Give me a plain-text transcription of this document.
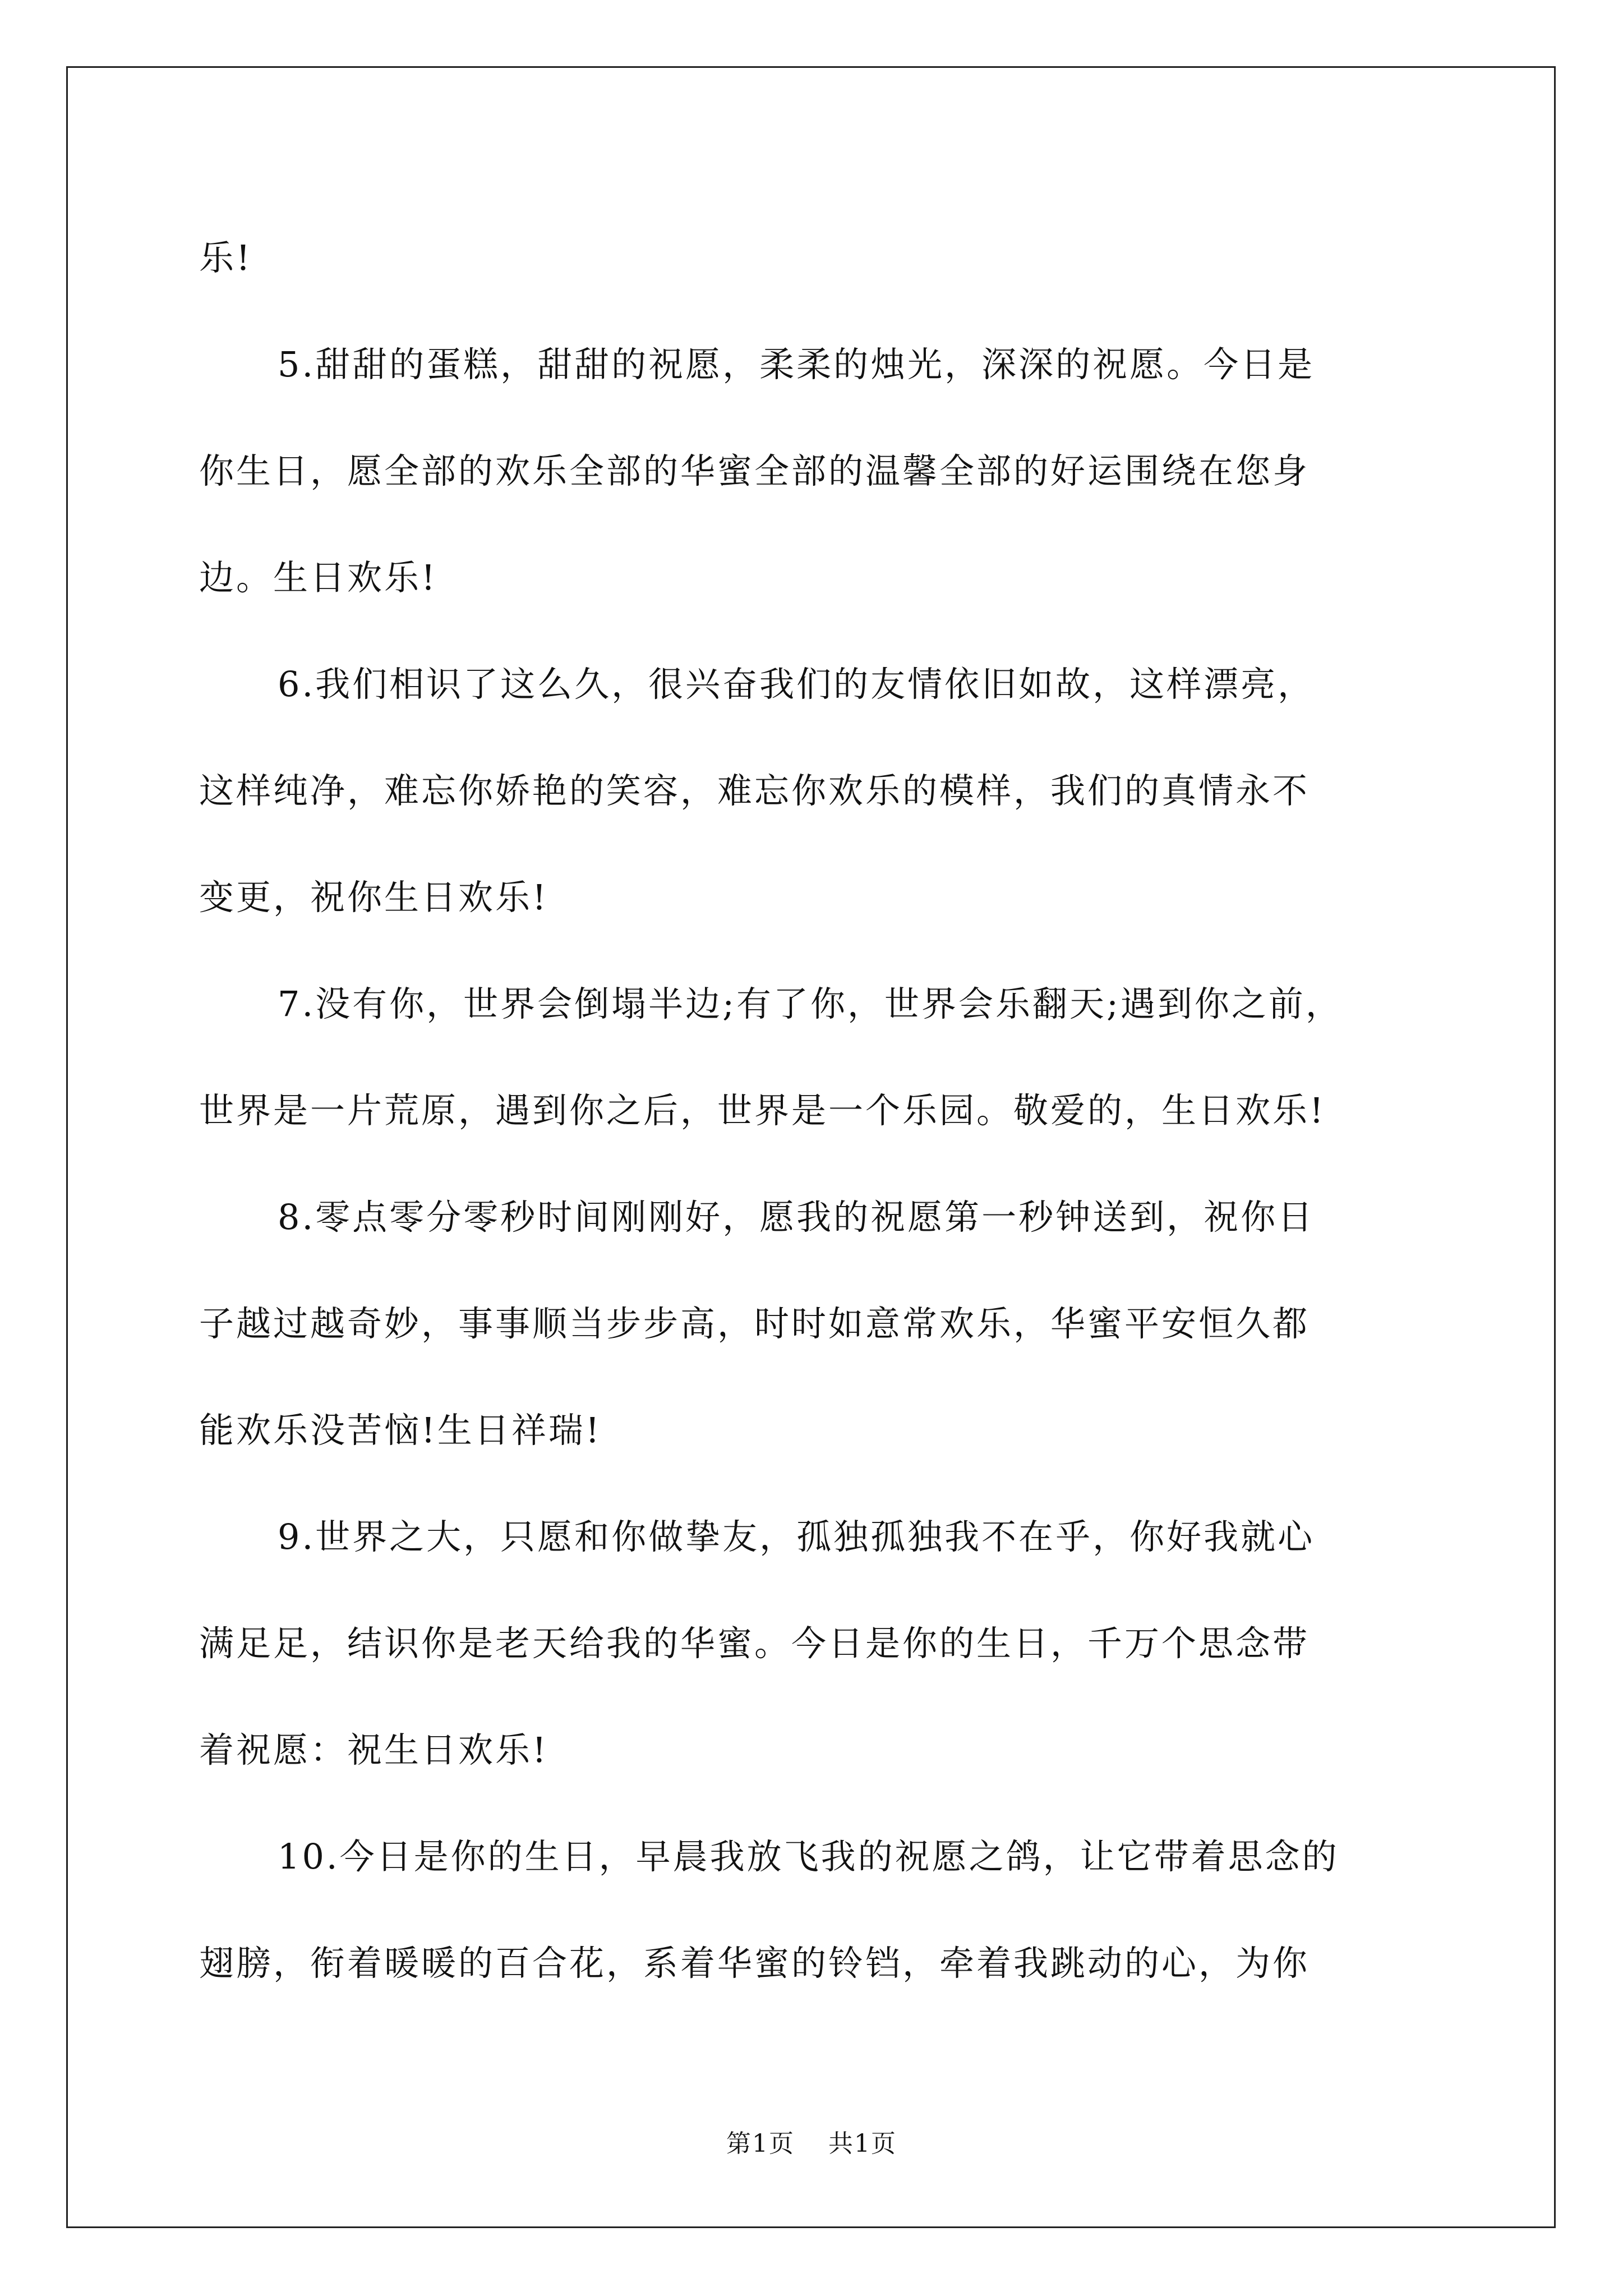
乐!
5.甜甜的蛋糕，甜甜的祝愿，柔柔的烛光，深深的祝愿。今日是
你生日，愿全部的欢乐全部的华蜜全部的温馨全部的好运围绕在您身
边。生日欢乐!
6.我们相识了这么久，很兴奋我们的友情依旧如故，这样漂亮，
这样纯净，难忘你娇艳的笑容，难忘你欢乐的模样，我们的真情永不
变更，祝你生日欢乐!
7.没有你，世界会倒塌半边;有了你，世界会乐翻天;遇到你之前，
世界是一片荒原，遇到你之后，世界是一个乐园。敬爱的，生日欢乐!
8.零点零分零秒时间刚刚好，愿我的祝愿第一秒钟送到，祝你日
子越过越奇妙，事事顺当步步高，时时如意常欢乐，华蜜平安恒久都
能欢乐没苦恼!生日祥瑞!
9.世界之大，只愿和你做挚友，孤独孤独我不在乎，你好我就心
满足足，结识你是老天给我的华蜜。今日是你的生日，千万个思念带
着祝愿：祝生日欢乐!
10.今日是你的生日，早晨我放飞我的祝愿之鸽，让它带着思念的
翅膀，衔着暖暖的百合花，系着华蜜的铃铛，牵着我跳动的心，为你
第1页 共1页
